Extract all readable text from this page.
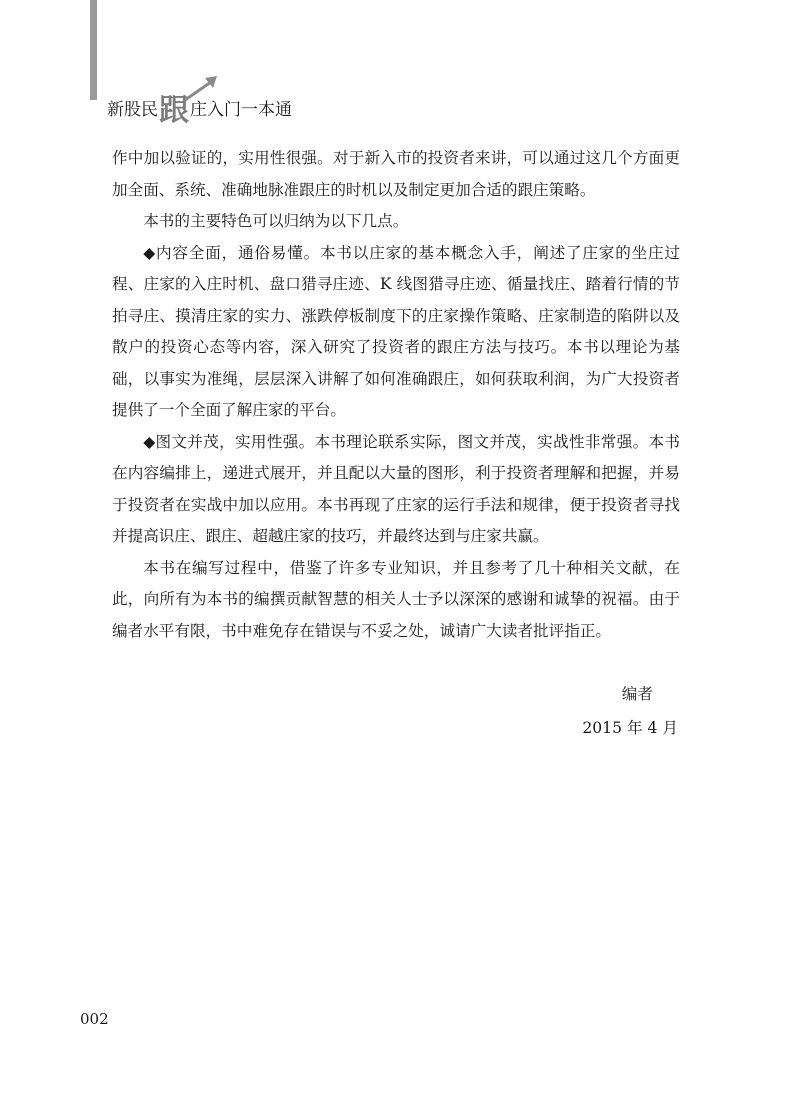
新股民 跟 庄入门一本通

作中加以验证的，实用性很强。对于新入市的投资者来讲，可以通过这几个方面更加全面、系统、准确地脉准跟庄的时机以及制定更加合适的跟庄策略。

本书的主要特色可以归纳为以下几点。

◆内容全面，通俗易懂。本书以庄家的基本概念入手，阐述了庄家的坐庄过程、庄家的入庄时机、盘口猎寻庄迹、K 线图猎寻庄迹、循量找庄、踏着行情的节拍寻庄、摸清庄家的实力、涨跌停板制度下的庄家操作策略、庄家制造的陷阱以及散户的投资心态等内容，深入研究了投资者的跟庄方法与技巧。本书以理论为基础，以事实为准绳，层层深入讲解了如何准确跟庄，如何获取利润，为广大投资者提供了一个全面了解庄家的平台。

◆图文并茂，实用性强。本书理论联系实际，图文并茂，实战性非常强。本书在内容编排上，递进式展开，并且配以大量的图形，利于投资者理解和把握，并易于投资者在实战中加以应用。本书再现了庄家的运行手法和规律，便于投资者寻找并提高识庄、跟庄、超越庄家的技巧，并最终达到与庄家共赢。

本书在编写过程中，借鉴了许多专业知识，并且参考了几十种相关文献，在此，向所有为本书的编撰贡献智慧的相关人士予以深深的感谢和诚挚的祝福。由于编者水平有限，书中难免存在错误与不妥之处，诚请广大读者批评指正。

编者
2015 年 4 月
002
